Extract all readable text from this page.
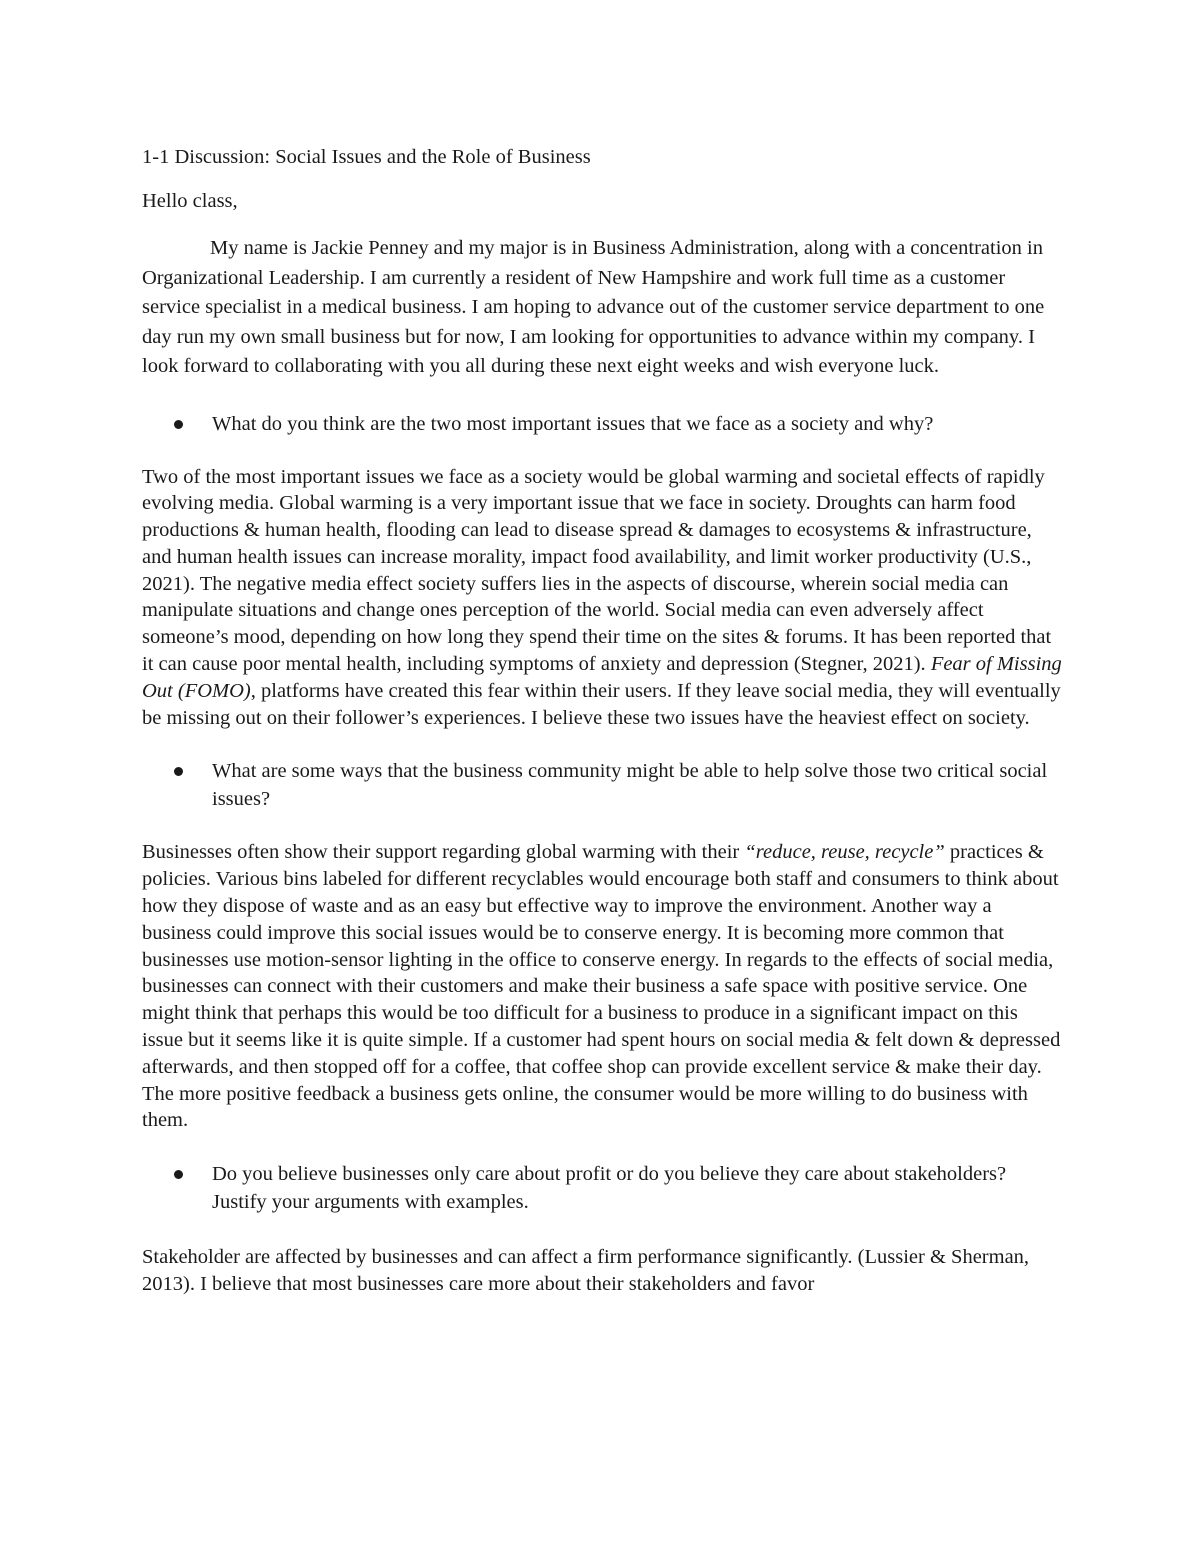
1-1 Discussion: Social Issues and the Role of Business

Hello class,

My name is Jackie Penney and my major is in Business Administration, along with a concentration in Organizational Leadership. I am currently a resident of New Hampshire and work full time as a customer service specialist in a medical business. I am hoping to advance out of the customer service department to one day run my own small business but for now, I am looking for opportunities to advance within my company. I look forward to collaborating with you all during these next eight weeks and wish everyone luck.

What do you think are the two most important issues that we face as a society and why?

Two of the most important issues we face as a society would be global warming and societal effects of rapidly evolving media. Global warming is a very important issue that we face in society. Droughts can harm food productions & human health, flooding can lead to disease spread & damages to ecosystems & infrastructure, and human health issues can increase morality, impact food availability, and limit worker productivity (U.S., 2021). The negative media effect society suffers lies in the aspects of discourse, wherein social media can manipulate situations and change ones perception of the world. Social media can even adversely affect someone’s mood, depending on how long they spend their time on the sites & forums. It has been reported that it can cause poor mental health, including symptoms of anxiety and depression (Stegner, 2021). Fear of Missing Out (FOMO), platforms have created this fear within their users. If they leave social media, they will eventually be missing out on their follower’s experiences. I believe these two issues have the heaviest effect on society.

What are some ways that the business community might be able to help solve those two critical social issues?

Businesses often show their support regarding global warming with their “reduce, reuse, recycle” practices & policies. Various bins labeled for different recyclables would encourage both staff and consumers to think about how they dispose of waste and as an easy but effective way to improve the environment. Another way a business could improve this social issues would be to conserve energy. It is becoming more common that businesses use motion-sensor lighting in the office to conserve energy. In regards to the effects of social media, businesses can connect with their customers and make their business a safe space with positive service. One might think that perhaps this would be too difficult for a business to produce in a significant impact on this issue but it seems like it is quite simple. If a customer had spent hours on social media & felt down & depressed afterwards, and then stopped off for a coffee, that coffee shop can provide excellent service & make their day. The more positive feedback a business gets online, the consumer would be more willing to do business with them.

Do you believe businesses only care about profit or do you believe they care about stakeholders? Justify your arguments with examples.

Stakeholder are affected by businesses and can affect a firm performance significantly. (Lussier & Sherman, 2013). I believe that most businesses care more about their stakeholders and favor
